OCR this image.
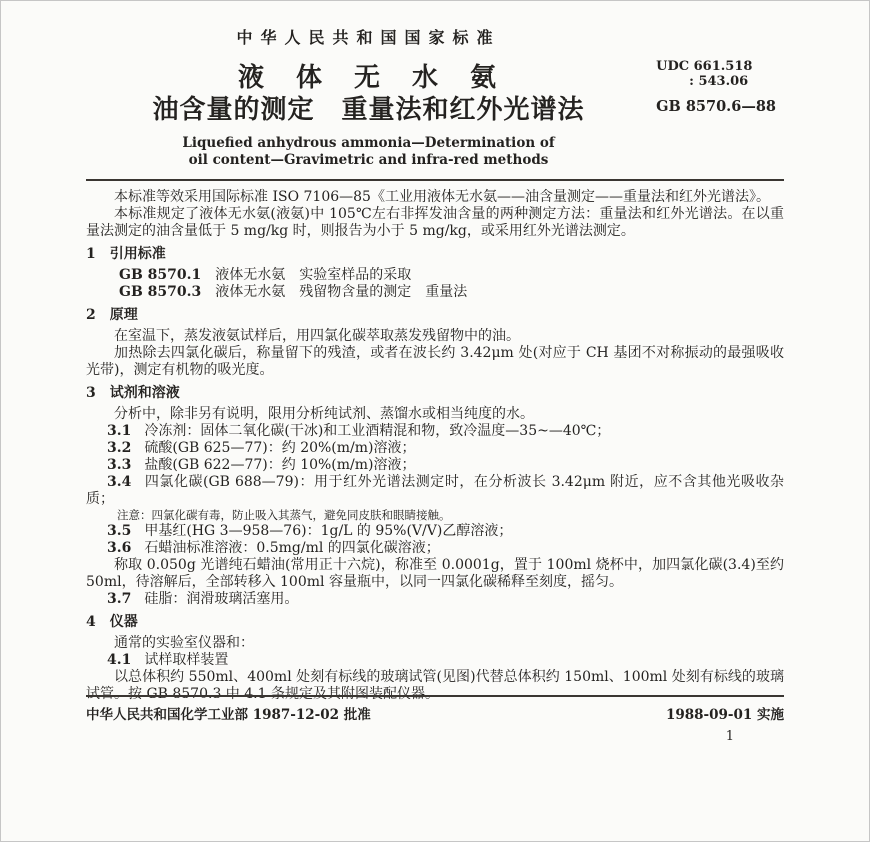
中华人民共和国国家标准
液　体　无　水　氨
油含量的测定　重量法和红外光谱法
Liquefied anhydrous ammonia—Determination of
oil content—Gravimetric and infra-red methods
UDC 661.518
: 543.06
GB 8570.6—88

本标准等效采用国际标准 ISO 7106—85《工业用液体无水氨——油含量测定——重量法和红外光谱法》。

本标准规定了液体无水氨(液氨)中 105℃左右非挥发油含量的两种测定方法：重量法和红外光谱法。在以重量法测定的油含量低于 5 mg/kg 时，则报告为小于 5 mg/kg，或采用红外光谱法测定。

1 引用标准

GB 8570.1 液体无水氨　实验室样品的采取

GB 8570.3 液体无水氨　残留物含量的测定　重量法

2 原理

在室温下，蒸发液氨试样后，用四氯化碳萃取蒸发残留物中的油。

加热除去四氯化碳后，称量留下的残渣，或者在波长约 3.42μm 处(对应于 CH 基团不对称振动的最强吸收光带)，测定有机物的吸光度。

3 试剂和溶液

分析中，除非另有说明，限用分析纯试剂、蒸馏水或相当纯度的水。

3.1 冷冻剂：固体二氧化碳(干冰)和工业酒精混和物，致冷温度—35~—40℃；

3.2 硫酸(GB 625—77)：约 20%(m/m)溶液；

3.3 盐酸(GB 622—77)：约 10%(m/m)溶液；

3.4 四氯化碳(GB 688—79)：用于红外光谱法测定时，在分析波长 3.42μm 附近，应不含其他光吸收杂质；

注意：四氯化碳有毒，防止吸入其蒸气，避免同皮肤和眼睛接触。

3.5 甲基红(HG 3—958—76)：1g/L 的 95%(V/V)乙醇溶液；

3.6 石蜡油标准溶液：0.5mg/ml 的四氯化碳溶液；

称取 0.050g 光谱纯石蜡油(常用正十六烷)，称准至 0.0001g，置于 100ml 烧杯中，加四氯化碳(3.4)至约 50ml，待溶解后，全部转移入 100ml 容量瓶中，以同一四氯化碳稀释至刻度，摇匀。

3.7 硅脂：润滑玻璃活塞用。

4 仪器

通常的实验室仪器和：

4.1 试样取样装置

以总体积约 550ml、400ml 处刻有标线的玻璃试管(见图)代替总体积约 150ml、100ml 处刻有标线的玻璃试管。按 GB 8570.3 中 4.1 条规定及其附图装配仪器。

中华人民共和国化学工业部 1987-12-02 批准	1988-09-01 实施
1
